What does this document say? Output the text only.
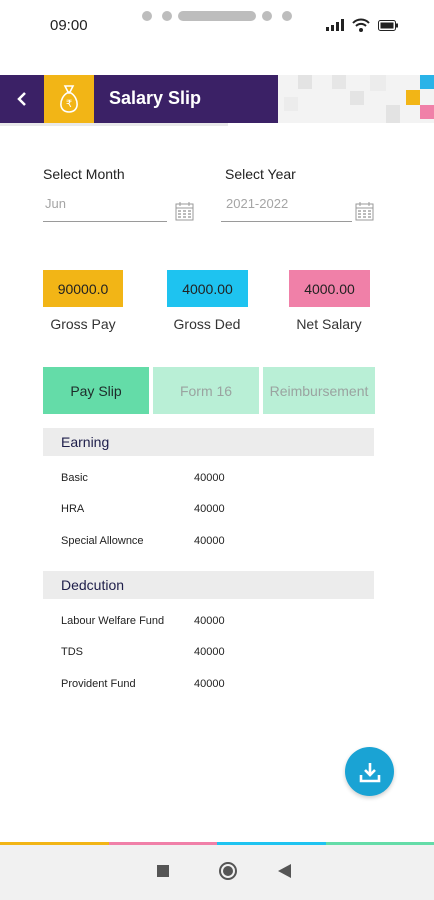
09:00
₹ Salary Slip
Select Month
Jun
Select Year
2021-2022
90000.0	4000.00	4000.00
Gross Pay	Gross Ded	Net Salary
Pay Slip	Form 16	Reimbursement
Earning
Basic	40000
HRA	40000
Special Allownce	40000
Dedcution
Labour Welfare Fund	40000
TDS	40000
Provident Fund	40000
